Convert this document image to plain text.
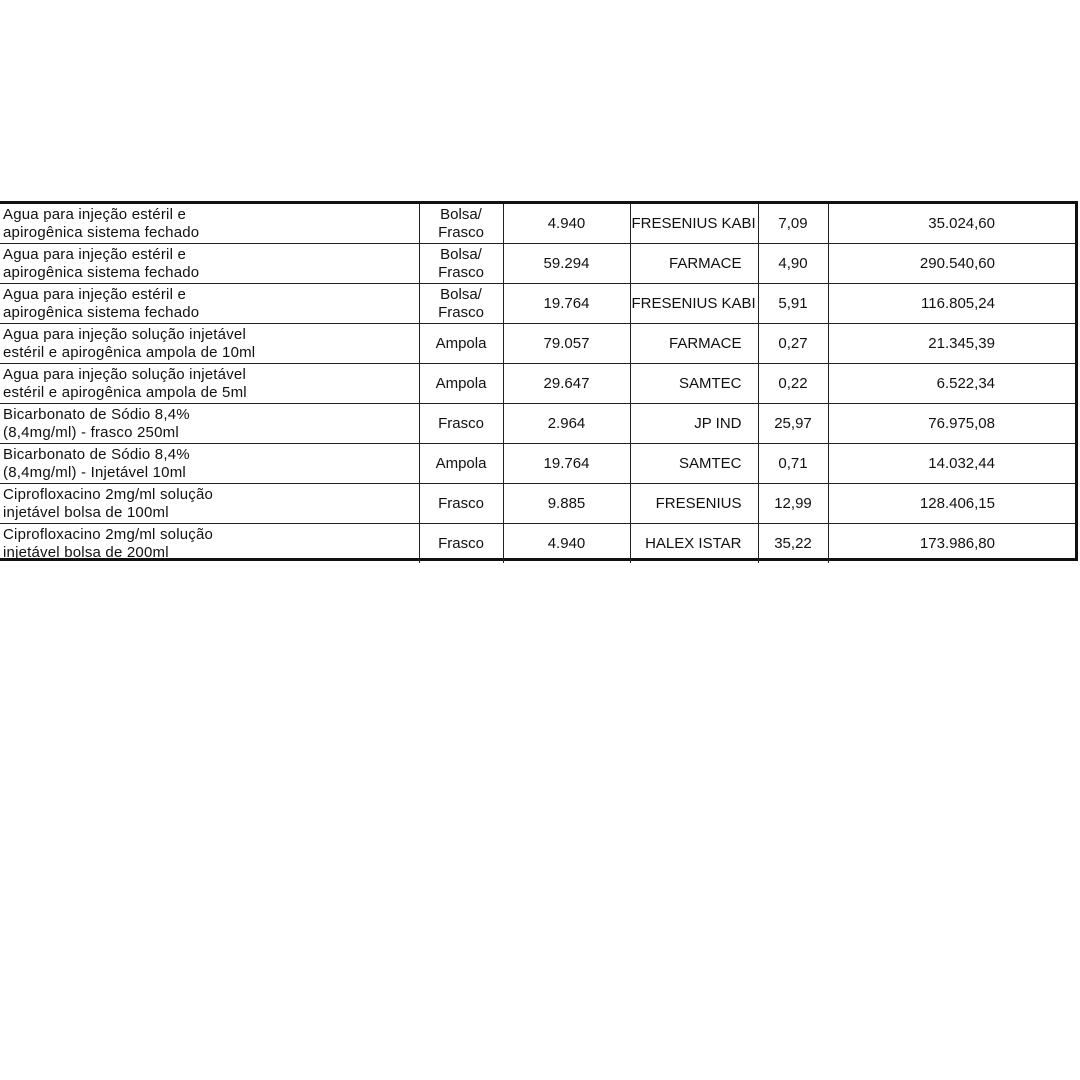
Agua para injeção estéril e
apirogênica sistema fechado	Bolsa/
Frasco	4.940	FRESENIUS KABI	7,09	35.024,60

Agua para injeção estéril e
apirogênica sistema fechado	Bolsa/
Frasco	59.294	FARMACE	4,90	290.540,60

Agua para injeção estéril e
apirogênica sistema fechado	Bolsa/
Frasco	19.764	FRESENIUS KABI	5,91	116.805,24

Agua para injeção solução injetável
estéril e apirogênica ampola de 10ml	Ampola	79.057	FARMACE	0,27	21.345,39

Agua para injeção solução injetável
estéril e apirogênica ampola de 5ml	Ampola	29.647	SAMTEC	0,22	6.522,34

Bicarbonato de Sódio 8,4%
(8,4mg/ml) - frasco 250ml	Frasco	2.964	JP IND	25,97	76.975,08

Bicarbonato de Sódio 8,4%
(8,4mg/ml) - Injetável 10ml	Ampola	19.764	SAMTEC	0,71	14.032,44

Ciprofloxacino 2mg/ml solução
injetável bolsa de 100ml	Frasco	9.885	FRESENIUS	12,99	128.406,15

Ciprofloxacino 2mg/ml solução
injetável bolsa de 200ml	Frasco	4.940	HALEX ISTAR	35,22	173.986,80
